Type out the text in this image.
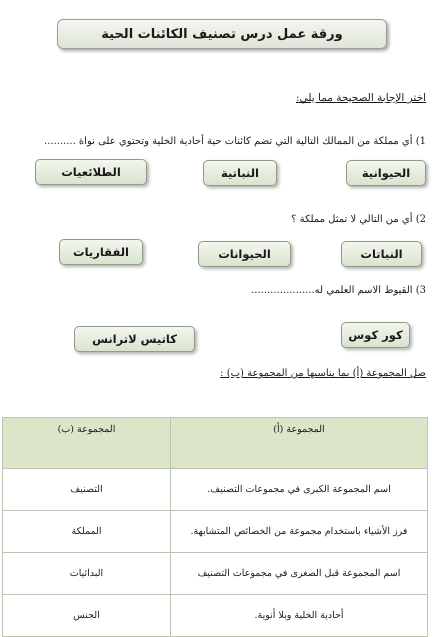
ورقة عمل درس تصنيف الكائنات الحية
اختر الإجابة الصحيحة مما يلي:
1) أي مملكة من الممالك التالية التي تضم كائنات حية أحادية الخلية وتحتوي على نواة ..........
الحيوانية
النباتية
الطلائعيات
2) أي من التالي لا تمثل مملكة ؟
النباتات
الحيوانات
الفقاريات
3) القيوط الاسم العلمي له....................
كور كوس
كاتيس لاترانس
صل المجموعة (أ) بما يناسبها من المجموعة (ب) :
المجموعة (ب)	المجموعة (أ)
التصنيف	اسم المجموعة الكبرى في مجموعات التصنيف.
المملكة	فرز الأشياء باستخدام مجموعة من الخصائص المتشابهة.
البدائيات	اسم المجموعة قبل الصغرى في مجموعات التصنيف
الجنس	أحادية الخلية وبلا أنوية.
